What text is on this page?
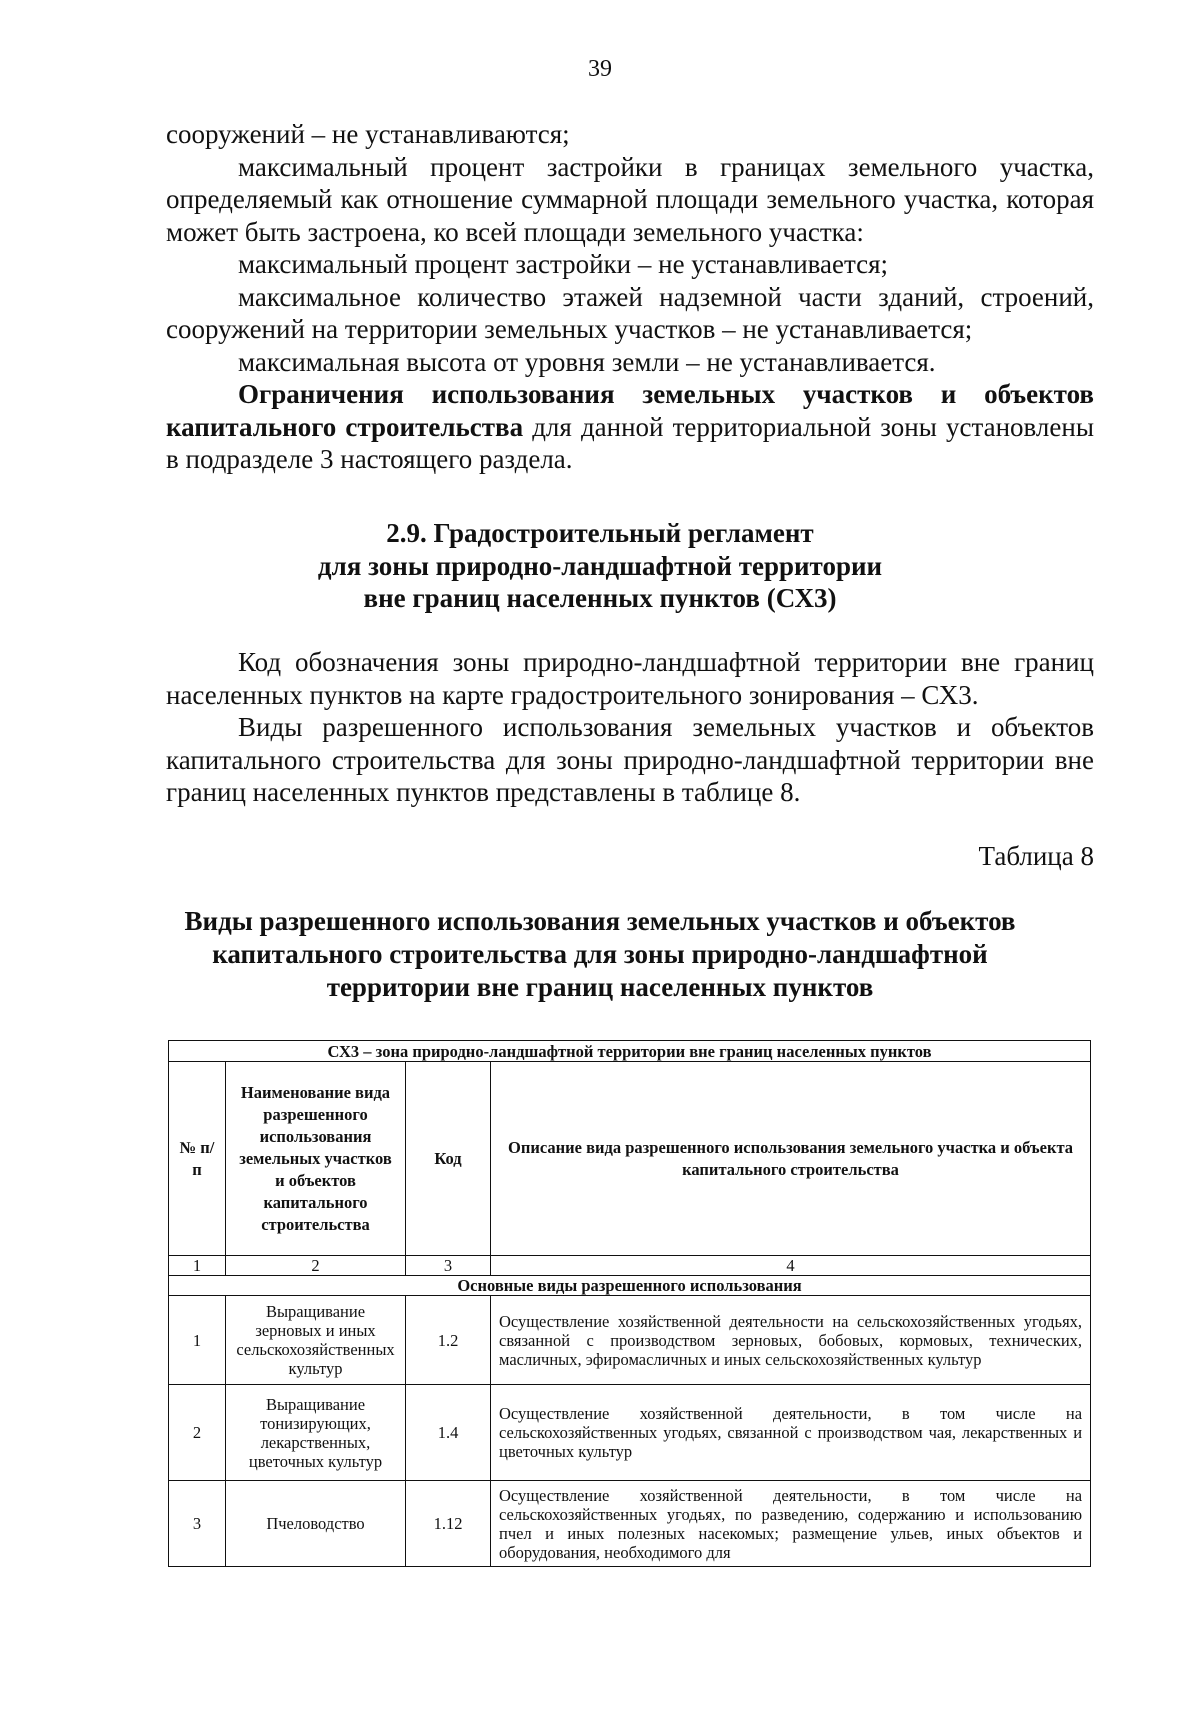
39

сооружений – не устанавливаются;

максимальный процент застройки в границах земельного участка, определяемый как отношение суммарной площади земельного участка, которая может быть застроена, ко всей площади земельного участка:

максимальный процент застройки – не устанавливается;

максимальное количество этажей надземной части зданий, строений, сооружений на территории земельных участков – не устанавливается;

максимальная высота от уровня земли – не устанавливается.

Ограничения использования земельных участков и объектов капитального строительства для данной территориальной зоны установлены в подразделе 3 настоящего раздела.

2.9. Градостроительный регламент
для зоны природно-ландшафтной территории
вне границ населенных пунктов (СХ3)

Код обозначения зоны природно-ландшафтной территории вне границ населенных пунктов на карте градостроительного зонирования – СХ3.

Виды разрешенного использования земельных участков и объектов капитального строительства для зоны природно-ландшафтной территории вне границ населенных пунктов представлены в таблице 8.

Таблица 8
Виды разрешенного использования земельных участков и объектов
капитального строительства для зоны природно-ландшафтной
территории вне границ населенных пунктов
СХ3 – зона природно-ландшафтной территории вне границ населенных пунктов			
№ п/п	Наименование вида разрешенного использования земельных участков и объектов капитального строительства	Код	Описание вида разрешенного использования земельного участка и объекта капитального строительства
1	2	3	4
Основные виды разрешенного использования			
1	Выращивание зерновых и иных сельскохозяйственных культур	1.2	Осуществление хозяйственной деятельности на сельскохозяйственных угодьях, связанной с производством зерновых, бобовых, кормовых, технических, масличных, эфиромасличных и иных сельскохозяйственных культур
2	Выращивание тонизирующих, лекарственных, цветочных культур	1.4	Осуществление хозяйственной деятельности, в том числе на сельскохозяйственных угодьях, связанной с производством чая, лекарственных и цветочных культур
3	Пчеловодство	1.12	Осуществление хозяйственной деятельности, в том числе на сельскохозяйственных угодьях, по разведению, содержанию и использованию пчел и иных полезных насекомых; размещение ульев, иных объектов и оборудования, необходимого для
